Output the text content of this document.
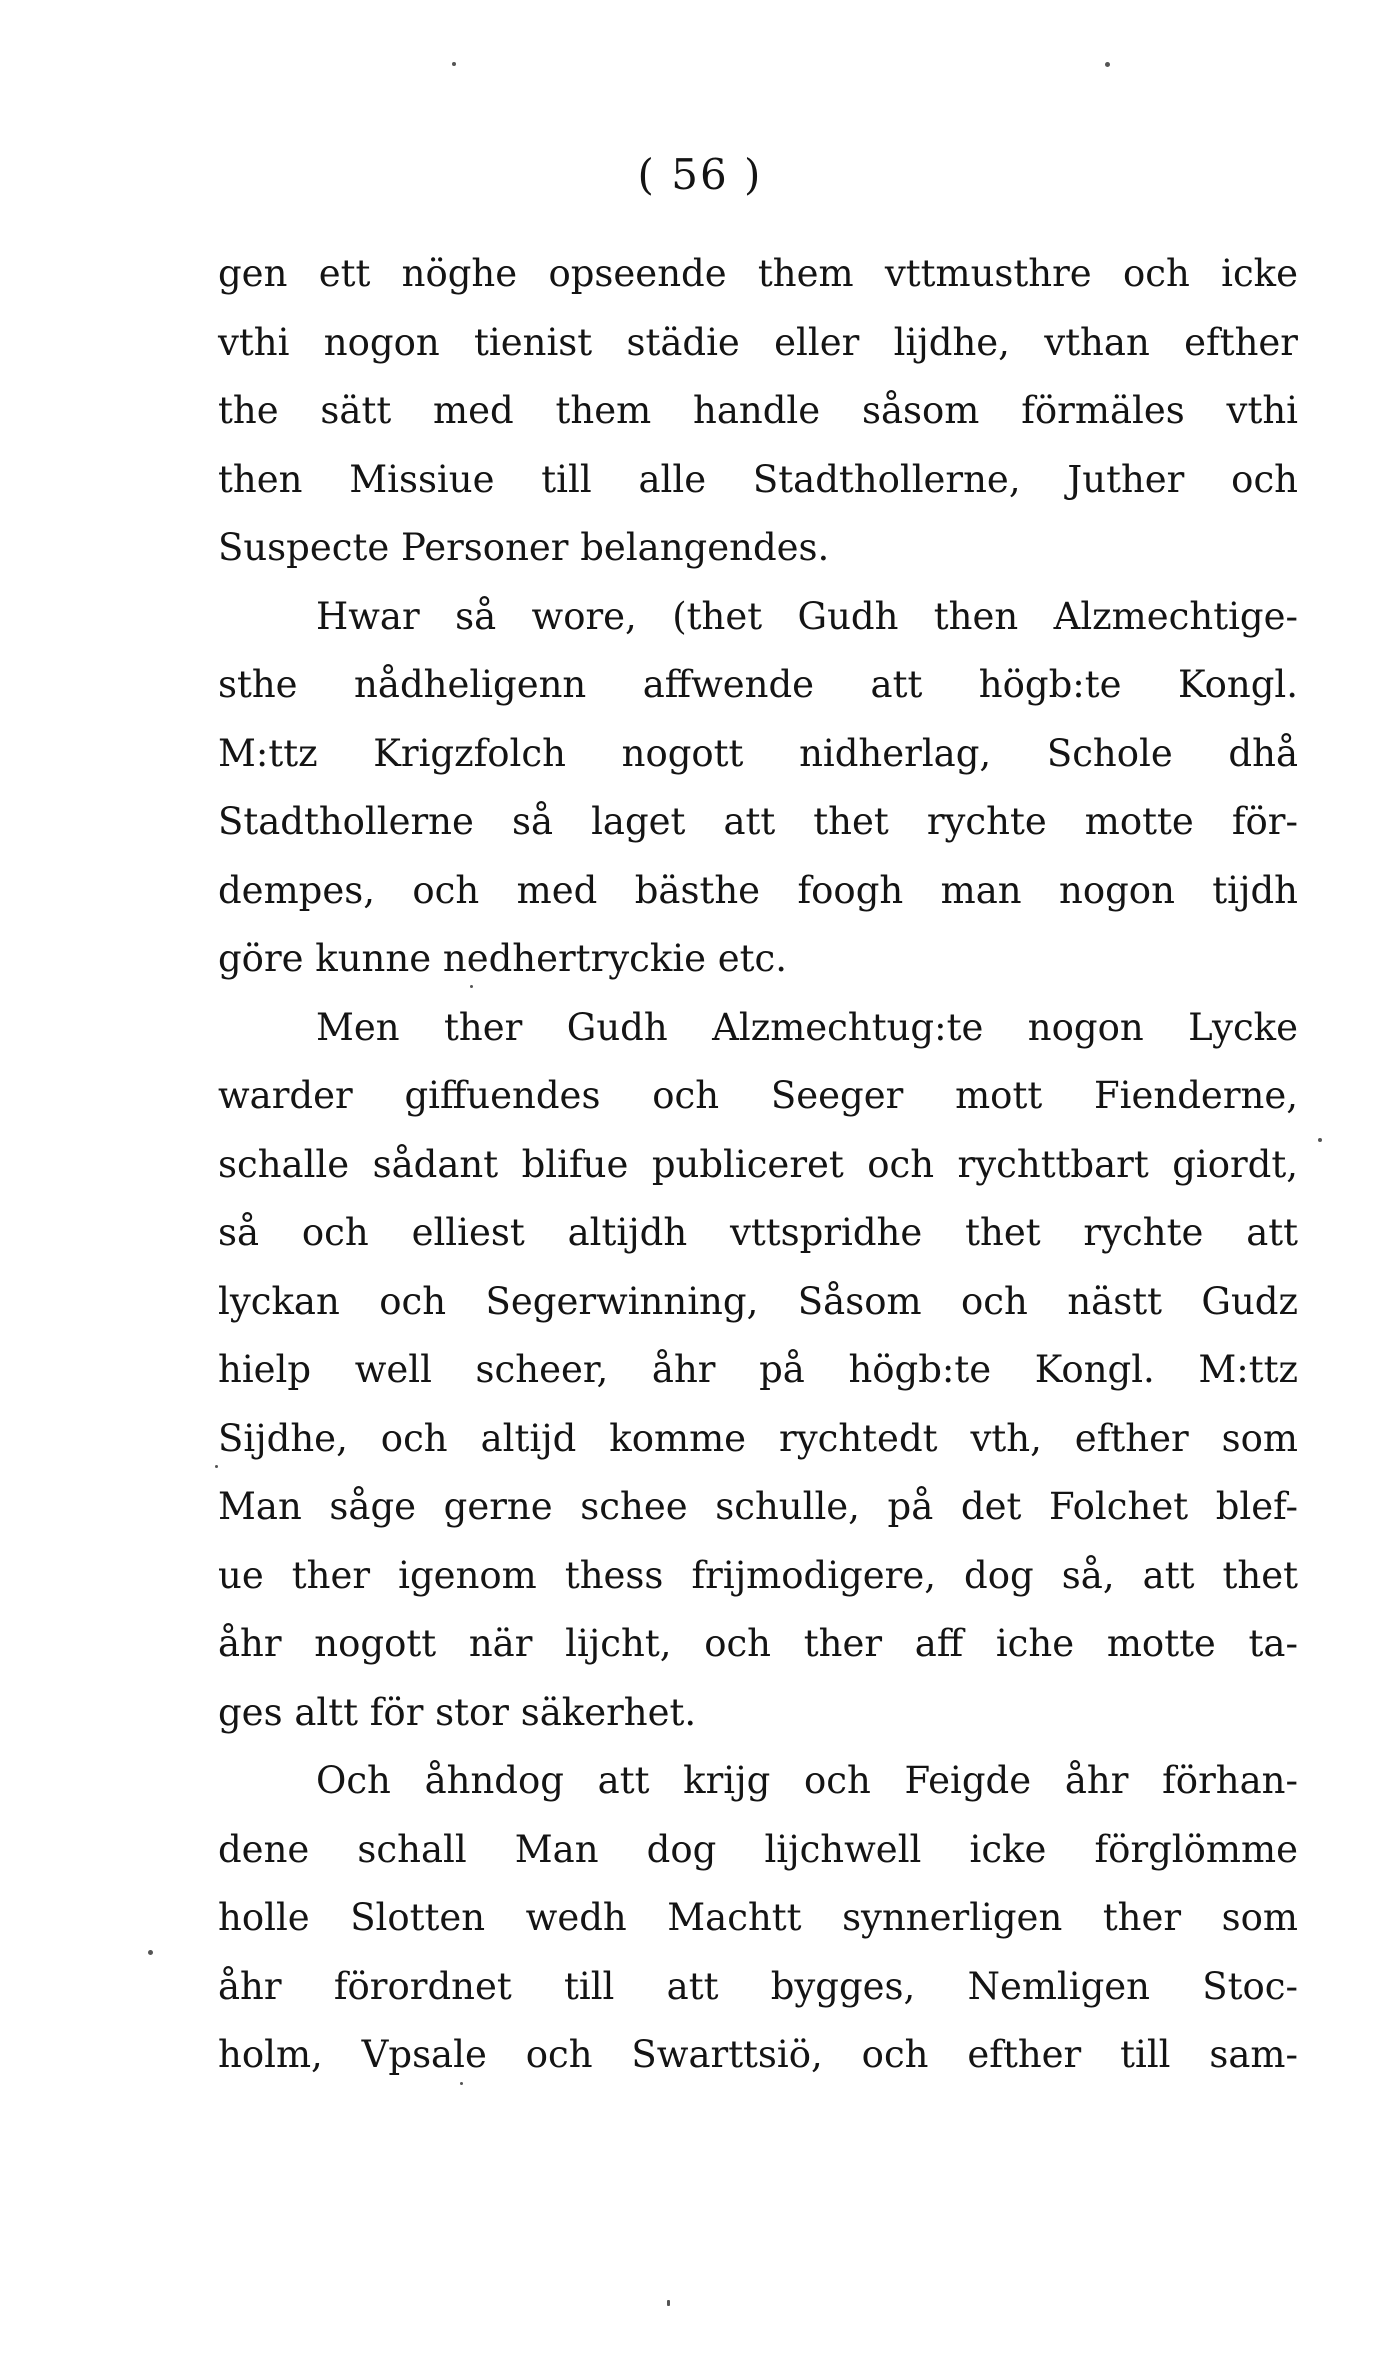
( 56 )
gen ett nöghe opseende them vttmusthre och icke
vthi nogon tienist städie eller lijdhe, vthan efther
the sätt med them handle såsom förmäles vthi
then Missiue till alle Stadthollerne, Juther och
Suspecte Personer belangendes.
Hwar så wore, (thet Gudh then Alzmechtige-
sthe nådheligenn affwende att högb:te Kongl.
M:ttz Krigzfolch nogott nidherlag, Schole dhå
Stadthollerne så laget att thet rychte motte för-
dempes, och med bästhe foogh man nogon tijdh
göre kunne nedhertryckie etc.
Men ther Gudh Alzmechtug:te nogon Lycke
warder giffuendes och Seeger mott Fienderne,
schalle sådant blifue publiceret och rychttbart giordt,
så och elliest altijdh vttspridhe thet rychte att
lyckan och Segerwinning, Såsom och nästt Gudz
hielp well scheer, åhr på högb:te Kongl. M:ttz
Sijdhe, och altijd komme rychtedt vth, efther som
Man såge gerne schee schulle, på det Folchet blef-
ue ther igenom thess frijmodigere, dog så, att thet
åhr nogott när lijcht, och ther aff iche motte ta-
ges altt för stor säkerhet.
Och åhndog att krijg och Feigde åhr förhan-
dene schall Man dog lijchwell icke förglömme
holle Slotten wedh Machtt synnerligen ther som
åhr förordnet till att bygges, Nemligen Stoc-
holm, Vpsale och Swarttsiö, och efther till sam-
